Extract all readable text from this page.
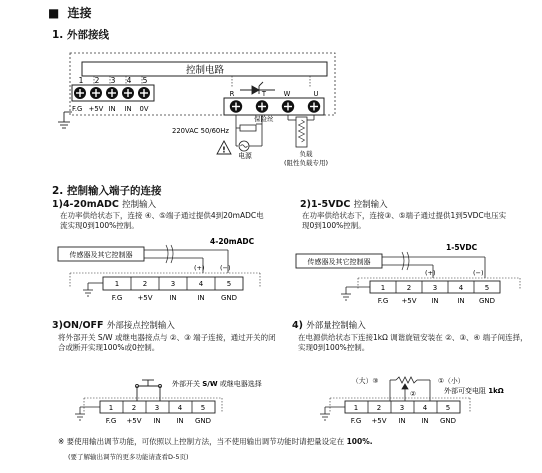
■ 连接
1. 外部接线
控制电路
1 2 3 4 5
F.G +5V IN IN 0V
R	T	W	U
保险丝
220VAC 50/60Hz
电源
!	负载
(阻性负载专用)
2. 控制输入端子的连接
1)4-20mADC 控制输入
在功率供给状态下，连接 ④、⑤端子通过提供4到20mADC电流实现0到100%控制。
2)1-5VDC 控制输入
在功率供给状态下，连接③、⑤端子通过提供1到5VDC电压实现0到100%控制。
传感器及其它控制器
4-20mADC
(+) (−)
1	2	3	4	5
F.G +5V IN	IN GND
传感器及其它控制器
1-5VDC
(+)	(−)
1	2	3	4	5
F.G +5V IN	IN GND
3)ON/OFF 外部接点控制输入
将外部开关 S/W 或继电器接点与 ②、③ 端子连接，通过开关的闭合或断开实现100%或0控制。
4) 外部量控制输入
在电源供给状态下连接1kΩ 调谐旋钮安装在 ②、③、④ 端子间连择，实现0到100%控制。
外部开关 S/W 或继电器选择
1	2	3	4	5
F.G +5V IN IN GND
（大）③	①（小）
②	外部可变电阻 1kΩ
1	2	3	4	5
F.G +5V IN IN GND
※ 要使用输出调节功能，可依照以上控制方法，当不使用输出调节功能时请把量设定在 100%.
(要了解输出调节的更多功能请查看D-5页)
